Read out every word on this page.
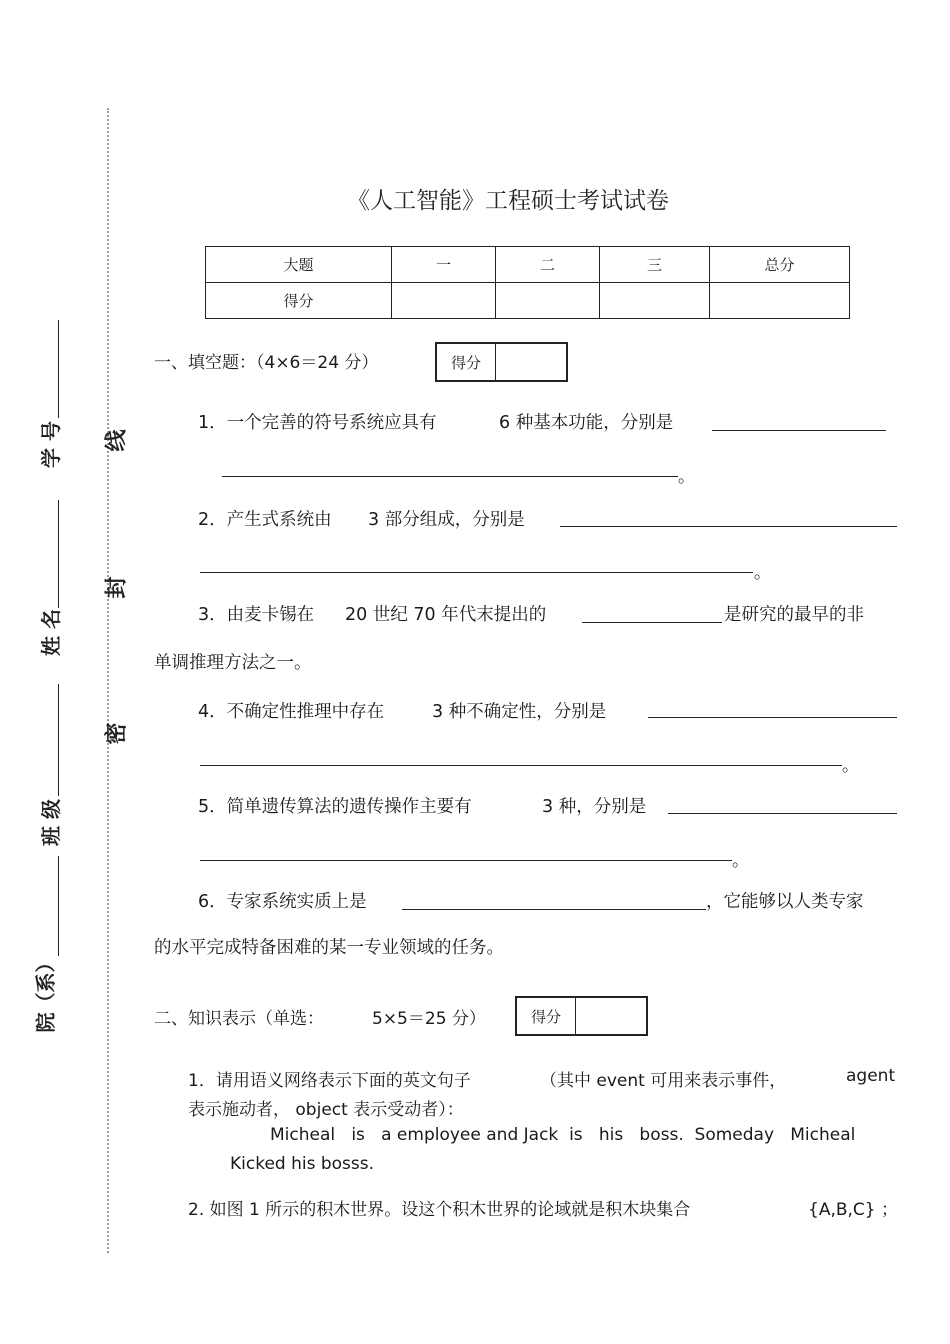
学 号
姓 名
班 级
院（系）
线
封
密
《人工智能》工程硕士考试试卷
大题	一	二	三	总分
得分				
一、填空题：（4×6＝24 分）	得分
1．一个完善的符号系统应具有	6 种基本功能，分别是
。
2．产生式系统由 3 部分组成，分别是
。
3．由麦卡锡在 20 世纪 70 年代末提出的	是研究的最早的非
单调推理方法之一。
4．不确定性推理中存在	3 种不确定性，分别是
。
5．简单遗传算法的遗传操作主要有	3 种，分别是
。
6．专家系统实质上是	，它能够以人类专家
的水平完成特备困难的某一专业领域的任务。
二、知识表示（单选：	5×5＝25 分）	得分
1．请用语义网络表示下面的英文句子	（其中 event 可用来表示事件，	agent
表示施动者， object 表示受动者）：
Micheal   is   a employee and Jack  is   his   boss.  Someday   Micheal
Kicked his bosss.
2. 如图 1 所示的积木世界。设这个积木世界的论域就是积木块集合	{A,B,C} ；
